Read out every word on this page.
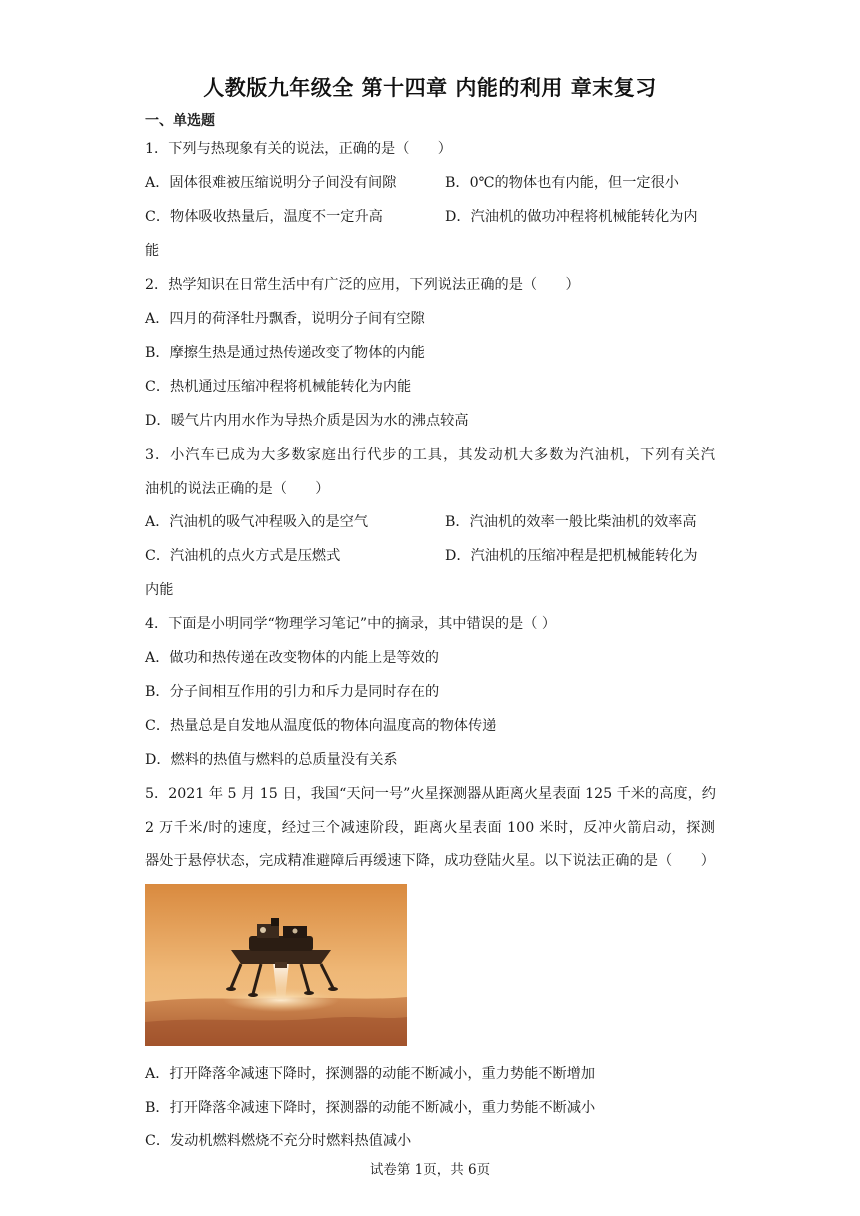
人教版九年级全 第十四章 内能的利用 章末复习
一、单选题
1．下列与热现象有关的说法，正确的是（　　）
A．固体很难被压缩说明分子间没有间隙	B．0℃的物体也有内能，但一定很小
C．物体吸收热量后，温度不一定升高	D．汽油机的做功冲程将机械能转化为内
能
2．热学知识在日常生活中有广泛的应用，下列说法正确的是（　　）
A．四月的荷泽牡丹飘香，说明分子间有空隙
B．摩擦生热是通过热传递改变了物体的内能
C．热机通过压缩冲程将机械能转化为内能
D．暖气片内用水作为导热介质是因为水的沸点较高
3．小汽车已成为大多数家庭出行代步的工具，其发动机大多数为汽油机，下列有关汽
油机的说法正确的是（　　）
A．汽油机的吸气冲程吸入的是空气	B．汽油机的效率一般比柴油机的效率高
C．汽油机的点火方式是压燃式	D．汽油机的压缩冲程是把机械能转化为
内能
4．下面是小明同学“物理学习笔记”中的摘录，其中错误的是（ ）
A．做功和热传递在改变物体的内能上是等效的
B．分子间相互作用的引力和斥力是同时存在的
C．热量总是自发地从温度低的物体向温度高的物体传递
D．燃料的热值与燃料的总质量没有关系
5．2021 年 5 月 15 日，我国“天问一号”火星探测器从距离火星表面 125 千米的高度，约
2 万千米/时的速度，经过三个减速阶段，距离火星表面 100 米时，反冲火箭启动，探测
器处于悬停状态，完成精准避障后再缓速下降，成功登陆火星。以下说法正确的是（　　）
A．打开降落伞减速下降时，探测器的动能不断减小，重力势能不断增加
B．打开降落伞减速下降时，探测器的动能不断减小，重力势能不断减小
C．发动机燃料燃烧不充分时燃料热值减小
试卷第 1页，共 6页
